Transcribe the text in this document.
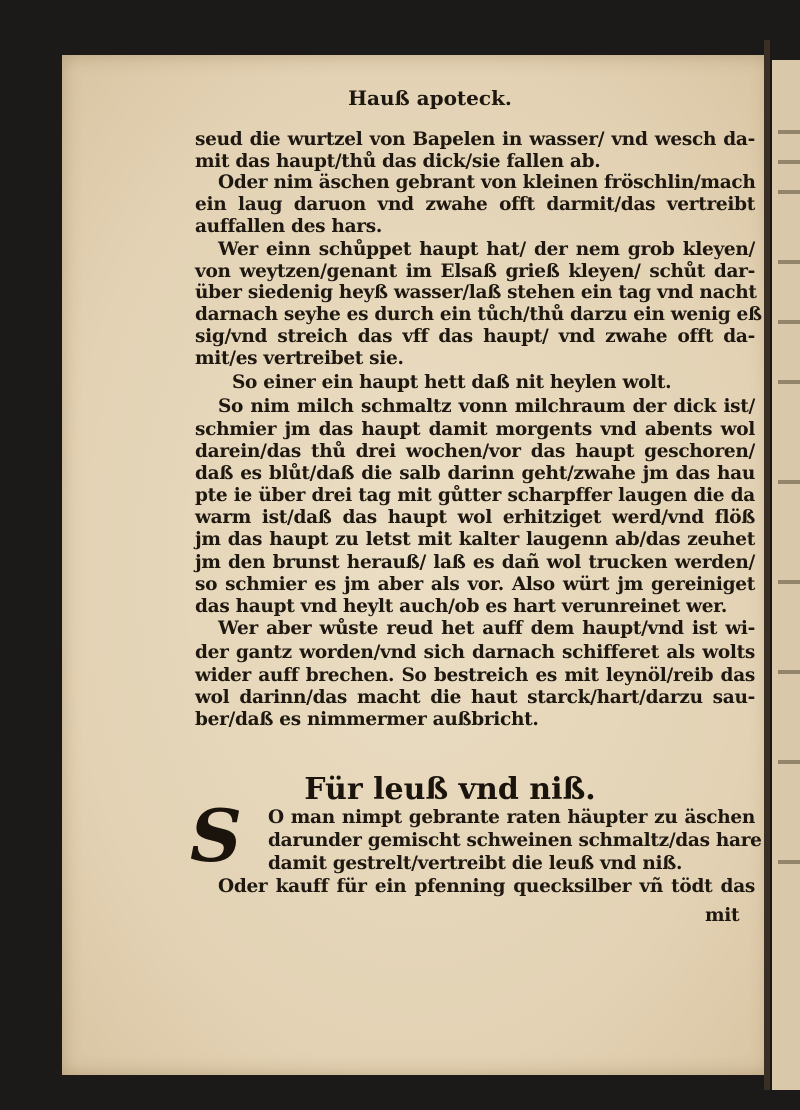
Hauß apoteck.
seud die wurtzel von Bapelen in wasser/ vnd wesch da-
mit das haupt/thů das dick/sie fallen ab.
Oder nim äschen gebrant von kleinen fröschlin/mach
ein laug daruon vnd zwahe offt darmit/das vertreibt
auffallen des hars.
Wer einn schůppet haupt hat/ der nem grob kleyen/
von weytzen/genant im Elsaß grieß kleyen/ schůt dar-
über siedenig heyß wasser/laß stehen ein tag vnd nacht
darnach seyhe es durch ein tůch/thů darzu ein wenig eß
sig/vnd streich das vff das haupt/ vnd zwahe offt da-
mit/es vertreibet sie.
So einer ein haupt hett daß nit heylen wolt.
So nim milch schmaltz vonn milchraum der dick ist/
schmier jm das haupt damit morgents vnd abents wol
darein/das thů drei wochen/vor das haupt geschoren/
daß es blůt/daß die salb darinn geht/zwahe jm das hau
pte ie über drei tag mit gůtter scharpffer laugen die da
warm ist/daß das haupt wol erhitziget werd/vnd flöß
jm das haupt zu letst mit kalter laugenn ab/das zeuhet
jm den brunst herauß/ laß es dañ wol trucken werden/
so schmier es jm aber als vor. Also würt jm gereiniget
das haupt vnd heylt auch/ob es hart verunreinet wer.
Wer aber wůste reud het auff dem haupt/vnd ist wi-
der gantz worden/vnd sich darnach schifferet als wolts
wider auff brechen. So bestreich es mit leynöl/reib das
wol darinn/das macht die haut starck/hart/darzu sau-
ber/daß es nimmermer außbricht.
Für leuß vnd niß.
S O man nimpt gebrante raten häupter zu äschen
darunder gemischt schweinen schmaltz/das hare
damit gestrelt/vertreibt die leuß vnd niß.
Oder kauff für ein pfenning quecksilber vñ tödt das
mit
